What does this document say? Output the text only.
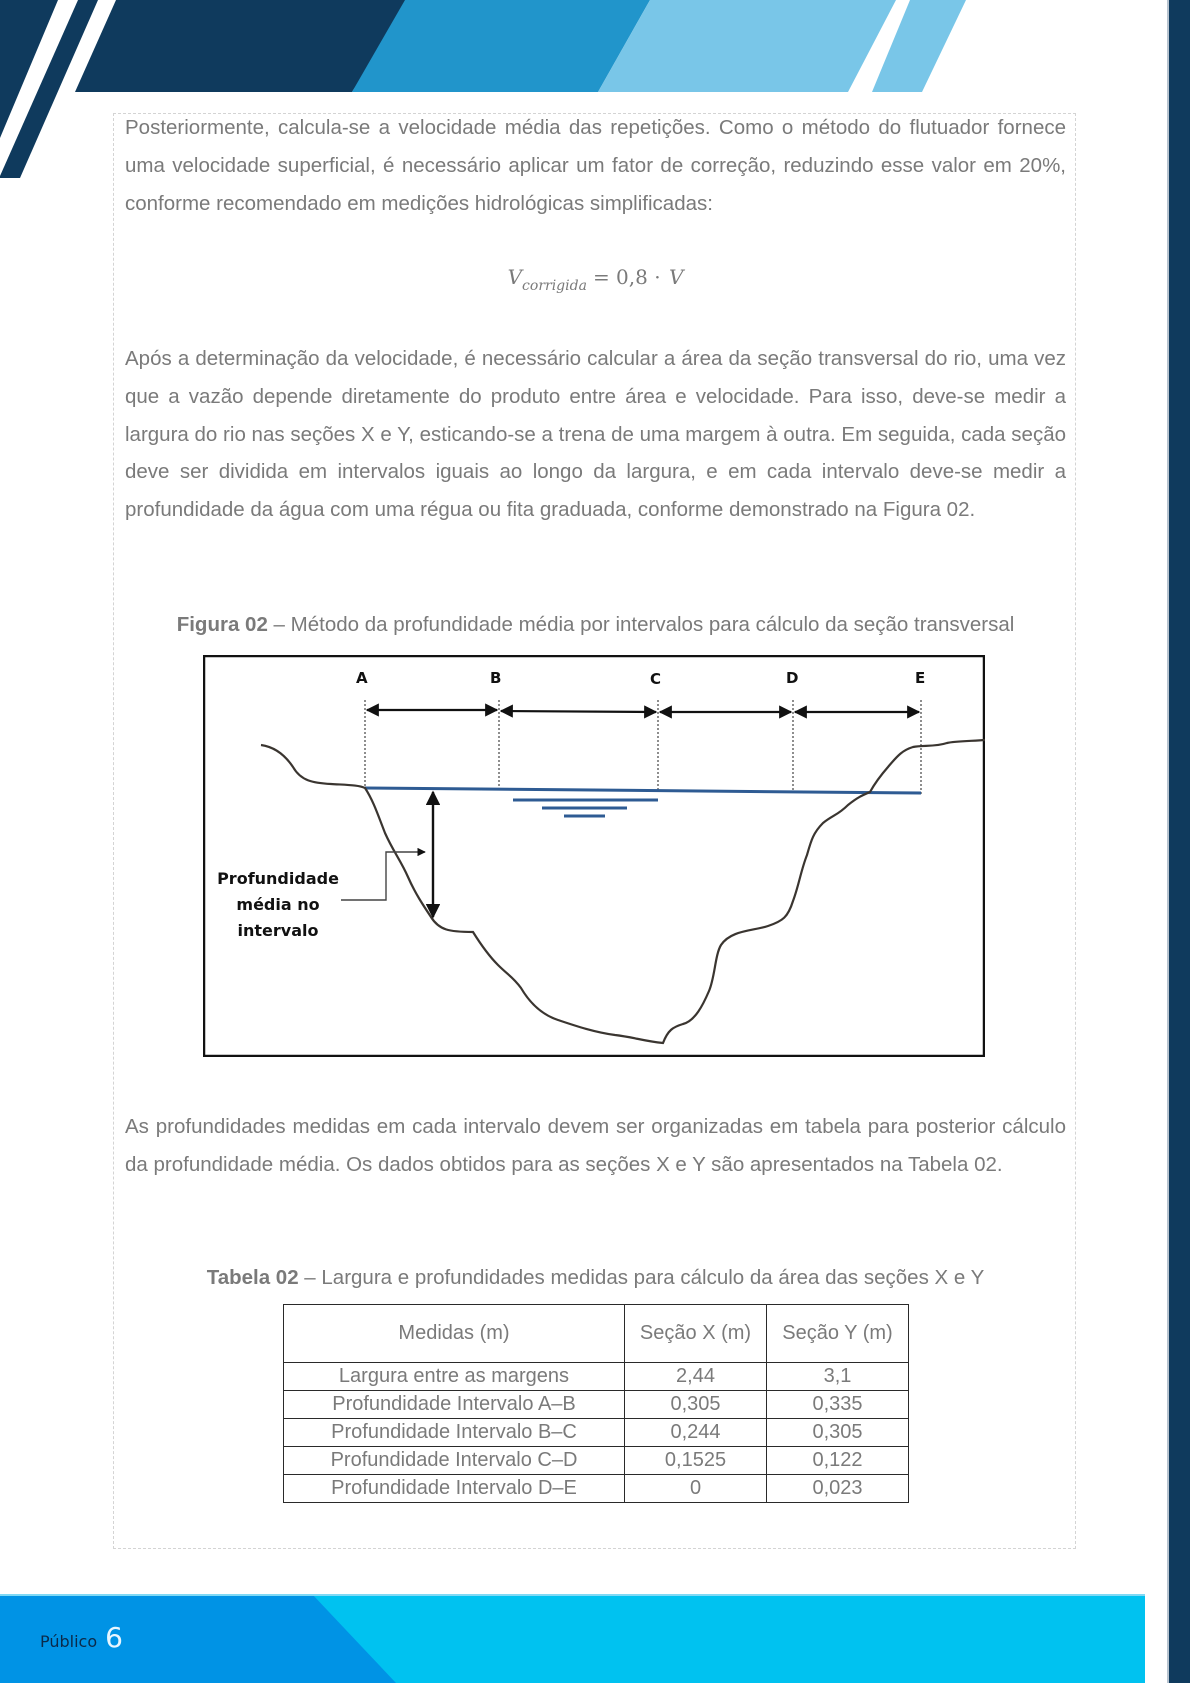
Posteriormente, calcula-se a velocidade média das repetições. Como o método do flutuador fornece uma velocidade superficial, é necessário aplicar um fator de correção, reduzindo esse valor em 20%, conforme recomendado em medições hidrológicas simplificadas:

$V_{corrigida} = 0,8 \cdot V$

Após a determinação da velocidade, é necessário calcular a área da seção transversal do rio, uma vez que a vazão depende diretamente do produto entre área e velocidade. Para isso, deve-se medir a largura do rio nas seções X e Y, esticando-se a trena de uma margem à outra. Em seguida, cada seção deve ser dividida em intervalos iguais ao longo da largura, e em cada intervalo deve-se medir a profundidade da água com uma régua ou fita graduada, conforme demonstrado na Figura 02.

Figura 02 – Método da profundidade média por intervalos para cálculo da seção transversal

A	B	C	D	E
Profundidade
média no
intervalo

As profundidades medidas em cada intervalo devem ser organizadas em tabela para posterior cálculo da profundidade média. Os dados obtidos para as seções X e Y são apresentados na Tabela 02.

Tabela 02 – Largura e profundidades medidas para cálculo da área das seções X e Y

Medidas (m)	Seção X (m)	Seção Y (m)
Largura entre as margens	2,44	3,1
Profundidade Intervalo A–B	0,305	0,335
Profundidade Intervalo B–C	0,244	0,305
Profundidade Intervalo C–D	0,1525	0,122
Profundidade Intervalo D–E	0	0,023
Público 6
